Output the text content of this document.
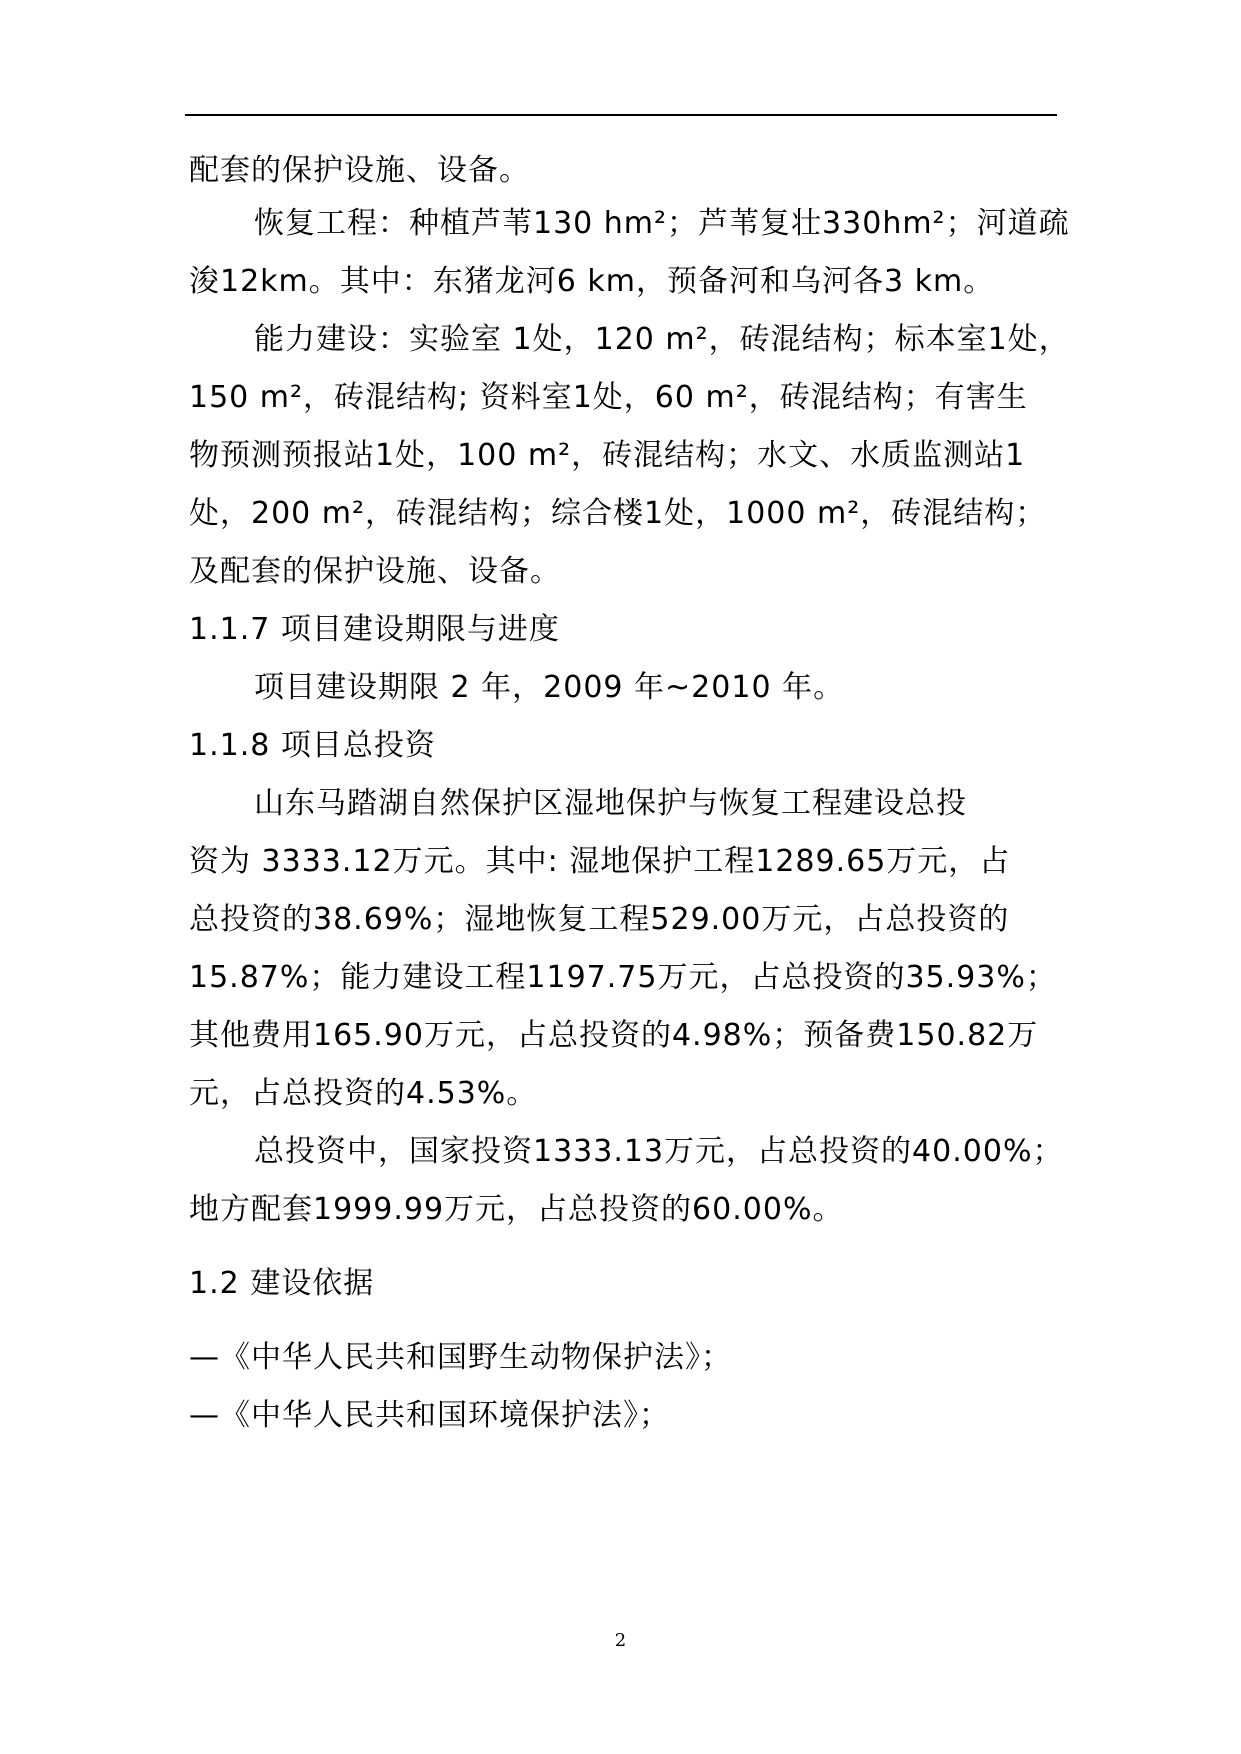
配套的保护设施、设备。
恢复工程：种植芦苇130 hm²；芦苇复壮330hm²；河道疏
浚12km。其中：东猪龙河6 km，预备河和乌河各3 km。
能力建设：实验室 1处，120 m²，砖混结构；标本室1处，
150 m²，砖混结构; 资料室1处，60 m²，砖混结构；有害生
物预测预报站1处，100 m²，砖混结构；水文、水质监测站1
处，200 m²，砖混结构；综合楼1处，1000 m²，砖混结构；
及配套的保护设施、设备。
1.1.7 项目建设期限与进度
项目建设期限 2 年，2009 年~2010 年。
1.1.8 项目总投资
山东马踏湖自然保护区湿地保护与恢复工程建设总投
资为 3333.12万元。其中: 湿地保护工程1289.65万元，占
总投资的38.69%；湿地恢复工程529.00万元，占总投资的
15.87%；能力建设工程1197.75万元，占总投资的35.93%；
其他费用165.90万元，占总投资的4.98%；预备费150.82万
元，占总投资的4.53%。
总投资中，国家投资1333.13万元，占总投资的40.00%；
地方配套1999.99万元，占总投资的60.00%。
1.2 建设依据
—《中华人民共和国野生动物保护法》；
—《中华人民共和国环境保护法》；
2
